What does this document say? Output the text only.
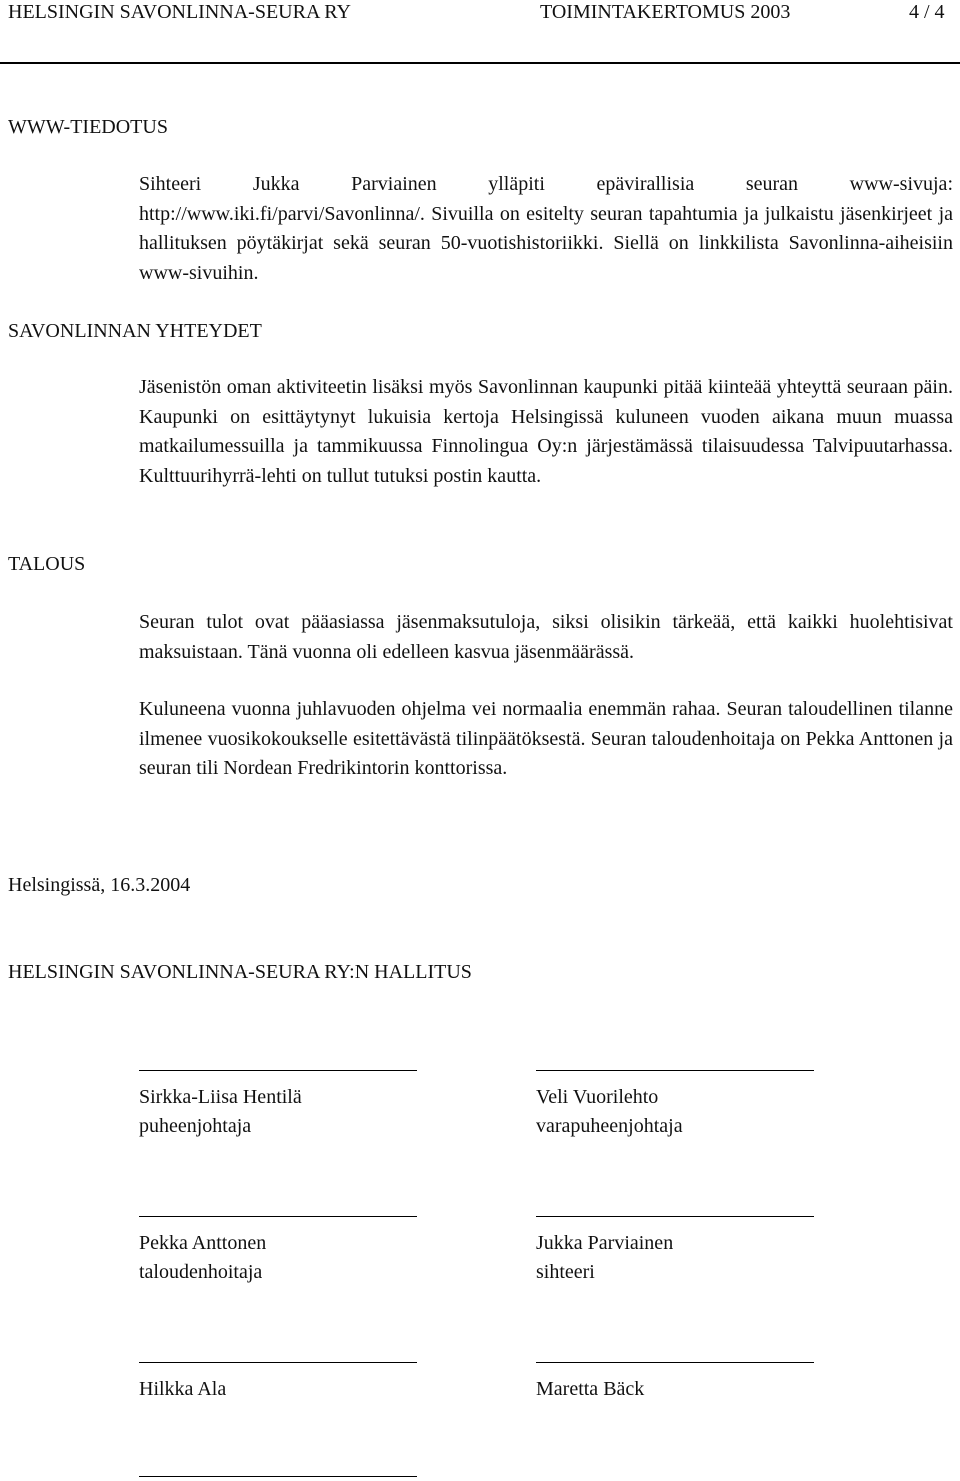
HELSINGIN SAVONLINNA-SEURA RY	TOIMINTAKERTOMUS 2003	4 / 4
WWW-TIEDOTUS

Sihteeri Jukka Parviainen ylläpiti epävirallisia seuran www-sivuja: http://www.iki.fi/parvi/Savonlinna/. Sivuilla on esitelty seuran tapahtumia ja julkaistu jäsenkirjeet ja hallituksen pöytäkirjat sekä seuran 50-vuotishistoriikki. Siellä on linkkilista Savonlinna-aiheisiin www-sivuihin.

SAVONLINNAN YHTEYDET

Jäsenistön oman aktiviteetin lisäksi myös Savonlinnan kaupunki pitää kiinteää yhteyttä seuraan päin. Kaupunki on esittäytynyt lukuisia kertoja Helsingissä kuluneen vuoden aikana muun muassa matkailumessuilla ja tammikuussa Finnolingua Oy:n järjestämässä tilaisuudessa Talvipuutarhassa. Kulttuurihyrrä-lehti on tullut tutuksi postin kautta.

TALOUS

Seuran tulot ovat pääasiassa jäsenmaksutuloja, siksi olisikin tärkeää, että kaikki huolehtisivat maksuistaan. Tänä vuonna oli edelleen kasvua jäsenmäärässä.

Kuluneena vuonna juhlavuoden ohjelma vei normaalia enemmän rahaa. Seuran taloudellinen tilanne ilmenee vuosikokoukselle esitettävästä tilinpäätöksestä. Seuran taloudenhoitaja on Pekka Anttonen ja seuran tili Nordean Fredrikintorin konttorissa.

Helsingissä, 16.3.2004
HELSINGIN SAVONLINNA-SEURA RY:N HALLITUS
Sirkka-Liisa Hentilä
puheenjohtaja
Veli Vuorilehto
varapuheenjohtaja
Pekka Anttonen
taloudenhoitaja
Jukka Parviainen
sihteeri
Hilkka Ala	Maretta Bäck
